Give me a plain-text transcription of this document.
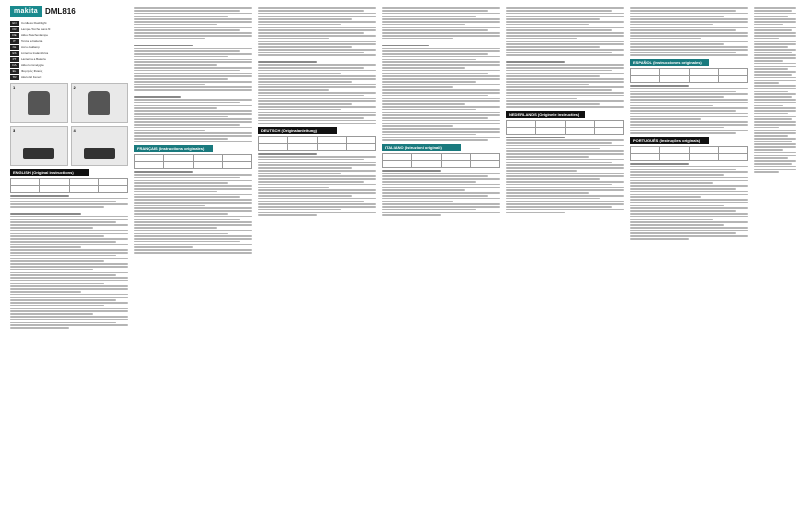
makita DML816
EN	Cordless Flashlight
FR	Lampe-Torche sans fil
DE	Akku-Taschenlampe
IT	Torcia a batteria
NL	Accu-zaklamp
ES	Linterna Inalambrica
PT	Lanterna a Bateria
DA	Akku lommelygte
EL	Φορητός Φακός
TR	Akulu El Feneri
1	2
3	4
ENGLISH (Original instructions)

FRANÇAIS (Instructions originales)

DEUTSCH (Originalanleitung)

ITALIANO (Istruzioni originali)

NEDERLANDS (Originele instructies)

ESPAÑOL (Instrucciones originales)

PORTUGUÊS (Instruções originais)
